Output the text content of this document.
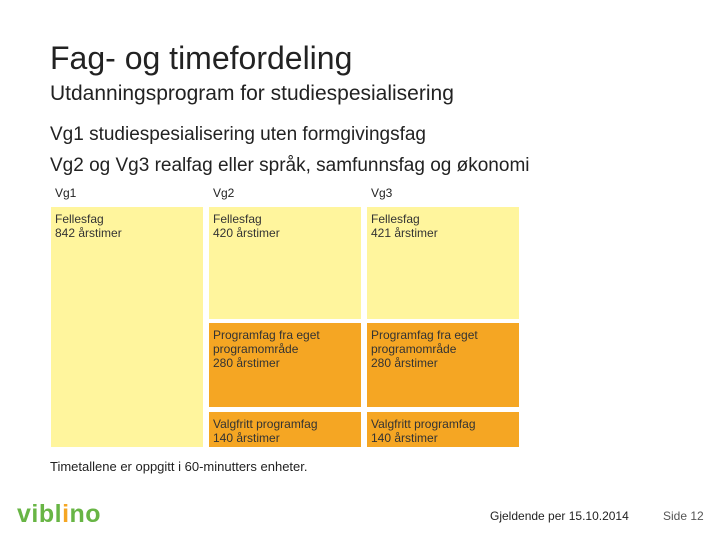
Fag- og timefordeling
Utdanningsprogram for studiespesialisering
Vg1 studiespesialisering uten formgivingsfag
Vg2 og Vg3 realfag eller språk, samfunnsfag og økonomi
Vg1	Vg2	Vg3
Fellesfag
842 årstimer
Fellesfag
420 årstimer
Fellesfag
421 årstimer
Programfag fra eget
programområde
280 årstimer
Programfag fra eget
programområde
280 årstimer
Valgfritt programfag
140 årstimer
Valgfritt programfag
140 årstimer
Timetallene er oppgitt i 60-minutters enheter.
viblino	Gjeldende per 15.10.2014	Side 12
